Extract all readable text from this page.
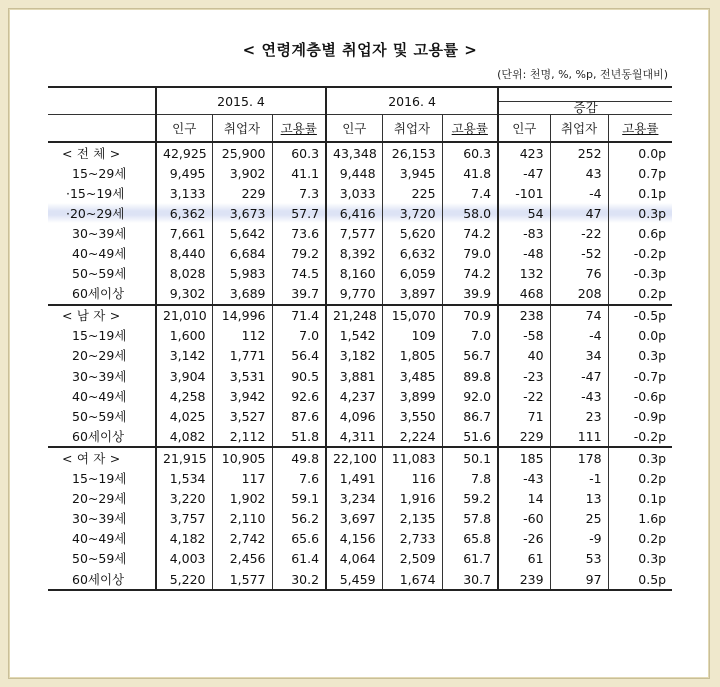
< 연령계층별 취업자 및 고용률 >
(단위: 천명, %, %p, 전년동월대비)
	2015. 4			2016. 4			증감		

	인구	취업자	고용률	인구	취업자	고용률	인구	취업자	고용률
< 전 체 >	42,925	25,900	60.3	43,348	26,153	60.3	423	252	0.0p
15~29세	9,495	3,902	41.1	9,448	3,945	41.8	-47	43	0.7p
·15~19세	3,133	229	7.3	3,033	225	7.4	-101	-4	0.1p
·20~29세	6,362	3,673	57.7	6,416	3,720	58.0	54	47	0.3p
30~39세	7,661	5,642	73.6	7,577	5,620	74.2	-83	-22	0.6p
40~49세	8,440	6,684	79.2	8,392	6,632	79.0	-48	-52	-0.2p
50~59세	8,028	5,983	74.5	8,160	6,059	74.2	132	76	-0.3p
60세이상	9,302	3,689	39.7	9,770	3,897	39.9	468	208	0.2p
< 남 자 >	21,010	14,996	71.4	21,248	15,070	70.9	238	74	-0.5p
15~19세	1,600	112	7.0	1,542	109	7.0	-58	-4	0.0p
20~29세	3,142	1,771	56.4	3,182	1,805	56.7	40	34	0.3p
30~39세	3,904	3,531	90.5	3,881	3,485	89.8	-23	-47	-0.7p
40~49세	4,258	3,942	92.6	4,237	3,899	92.0	-22	-43	-0.6p
50~59세	4,025	3,527	87.6	4,096	3,550	86.7	71	23	-0.9p
60세이상	4,082	2,112	51.8	4,311	2,224	51.6	229	111	-0.2p
< 여 자 >	21,915	10,905	49.8	22,100	11,083	50.1	185	178	0.3p
15~19세	1,534	117	7.6	1,491	116	7.8	-43	-1	0.2p
20~29세	3,220	1,902	59.1	3,234	1,916	59.2	14	13	0.1p
30~39세	3,757	2,110	56.2	3,697	2,135	57.8	-60	25	1.6p
40~49세	4,182	2,742	65.6	4,156	2,733	65.8	-26	-9	0.2p
50~59세	4,003	2,456	61.4	4,064	2,509	61.7	61	53	0.3p
60세이상	5,220	1,577	30.2	5,459	1,674	30.7	239	97	0.5p
